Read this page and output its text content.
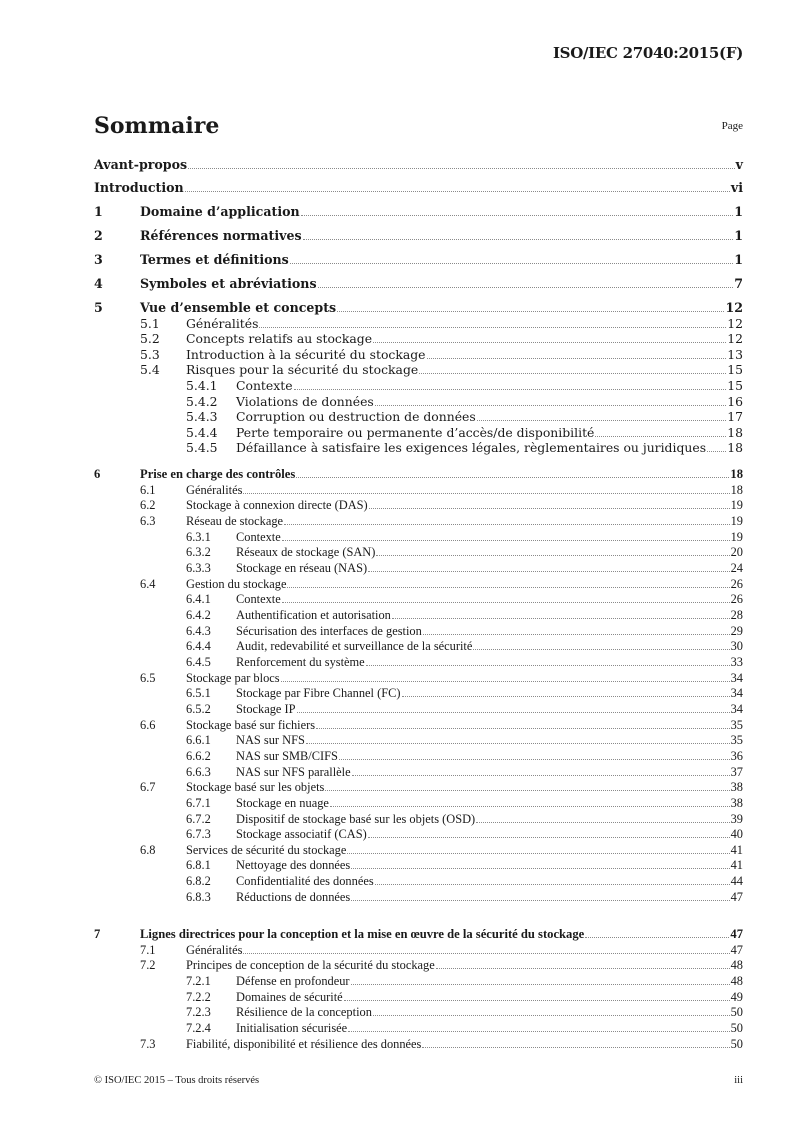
ISO/IEC 27040:2015(F)
Sommaire	Page
Avant-propos	v
Introduction	vi
1	Domaine d’application	1
2	Références normatives	1
3	Termes et définitions	1
4	Symboles et abréviations	7
5	Vue d’ensemble et concepts	12
5.1	Généralités	12
5.2	Concepts relatifs au stockage	12
5.3	Introduction à la sécurité du stockage	13
5.4	Risques pour la sécurité du stockage	15
5.4.1	Contexte	15
5.4.2	Violations de données	16
5.4.3	Corruption ou destruction de données	17
5.4.4	Perte temporaire ou permanente d’accès/de disponibilité	18
5.4.5	Défaillance à satisfaire les exigences légales, règlementaires ou juridiques 18
6	Prise en charge des contrôles	18
6.1	Généralités	18
6.2	Stockage à connexion directe (DAS)	19
6.3	Réseau de stockage	19
6.3.1	Contexte	19
6.3.2	Réseaux de stockage (SAN)	20
6.3.3	Stockage en réseau (NAS)	24
6.4	Gestion du stockage	26
6.4.1	Contexte	26
6.4.2	Authentification et autorisation	28
6.4.3	Sécurisation des interfaces de gestion	29
6.4.4	Audit, redevabilité et surveillance de la sécurité	30
6.4.5	Renforcement du système	33
6.5	Stockage par blocs	34
6.5.1	Stockage par Fibre Channel (FC)	34
6.5.2	Stockage IP	34
6.6	Stockage basé sur fichiers	35
6.6.1	NAS sur NFS	35
6.6.2	NAS sur SMB/CIFS	36
6.6.3	NAS sur NFS parallèle	37
6.7	Stockage basé sur les objets	38
6.7.1	Stockage en nuage	38
6.7.2	Dispositif de stockage basé sur les objets (OSD)	39
6.7.3	Stockage associatif (CAS)	40
6.8	Services de sécurité du stockage	41
6.8.1	Nettoyage des données	41
6.8.2	Confidentialité des données	44
6.8.3	Réductions de données	47
7	Lignes directrices pour la conception et la mise en œuvre de la sécurité du stockage	47
7.1	Généralités	47
7.2	Principes de conception de la sécurité du stockage	48
7.2.1	Défense en profondeur	48
7.2.2	Domaines de sécurité	49
7.2.3	Résilience de la conception	50
7.2.4	Initialisation sécurisée	50
7.3	Fiabilité, disponibilité et résilience des données	50
© ISO/IEC 2015 – Tous droits réservés	iii
